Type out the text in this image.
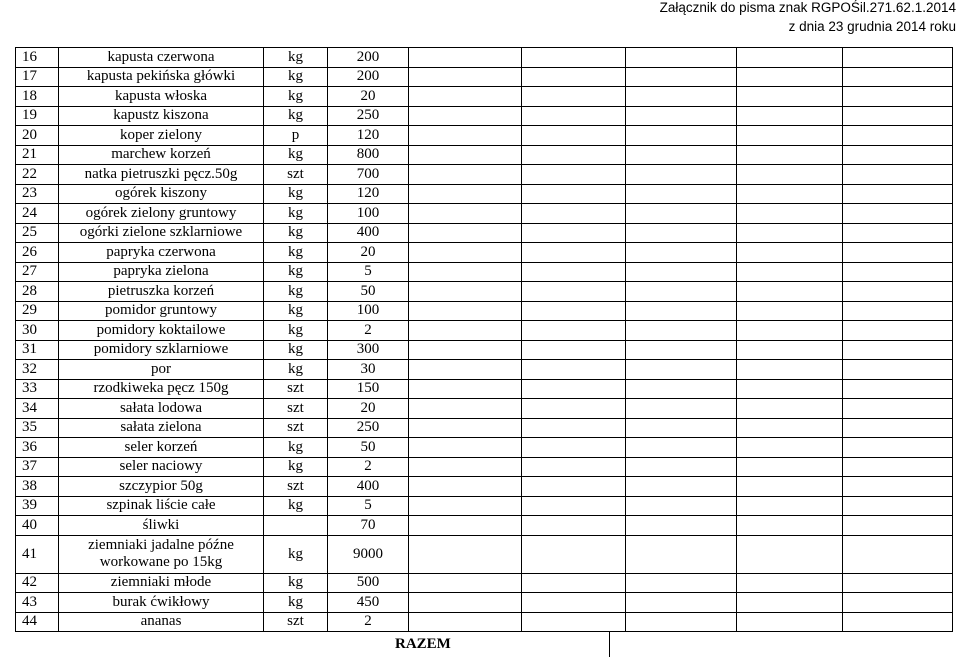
Załącznik do pisma znak RGPOŚil.271.62.1.2014
z dnia 23 grudnia 2014 roku
16	kapusta czerwona	kg	200					
17	kapusta pekińska główki	kg	200					
18	kapusta włoska	kg	20					
19	kapustz kiszona	kg	250					
20	koper zielony	p	120					
21	marchew korzeń	kg	800					
22	natka pietruszki pęcz.50g	szt	700					
23	ogórek kiszony	kg	120					
24	ogórek zielony gruntowy	kg	100					
25	ogórki zielone szklarniowe	kg	400					
26	papryka czerwona	kg	20					
27	papryka zielona	kg	5					
28	pietruszka korzeń	kg	50					
29	pomidor gruntowy	kg	100					
30	pomidory koktailowe	kg	2					
31	pomidory szklarniowe	kg	300					
32	por	kg	30					
33	rzodkiweka pęcz 150g	szt	150					
34	sałata lodowa	szt	20					
35	sałata zielona	szt	250					
36	seler korzeń	kg	50					
37	seler naciowy	kg	2					
38	szczypior 50g	szt	400					
39	szpinak liście całe	kg	5					
40	śliwki		70					
41	ziemniaki jadalne późne workowane po 15kg	kg	9000					
42	ziemniaki młode	kg	500					
43	burak ćwikłowy	kg	450					
44	ananas	szt	2					
RAZEM
